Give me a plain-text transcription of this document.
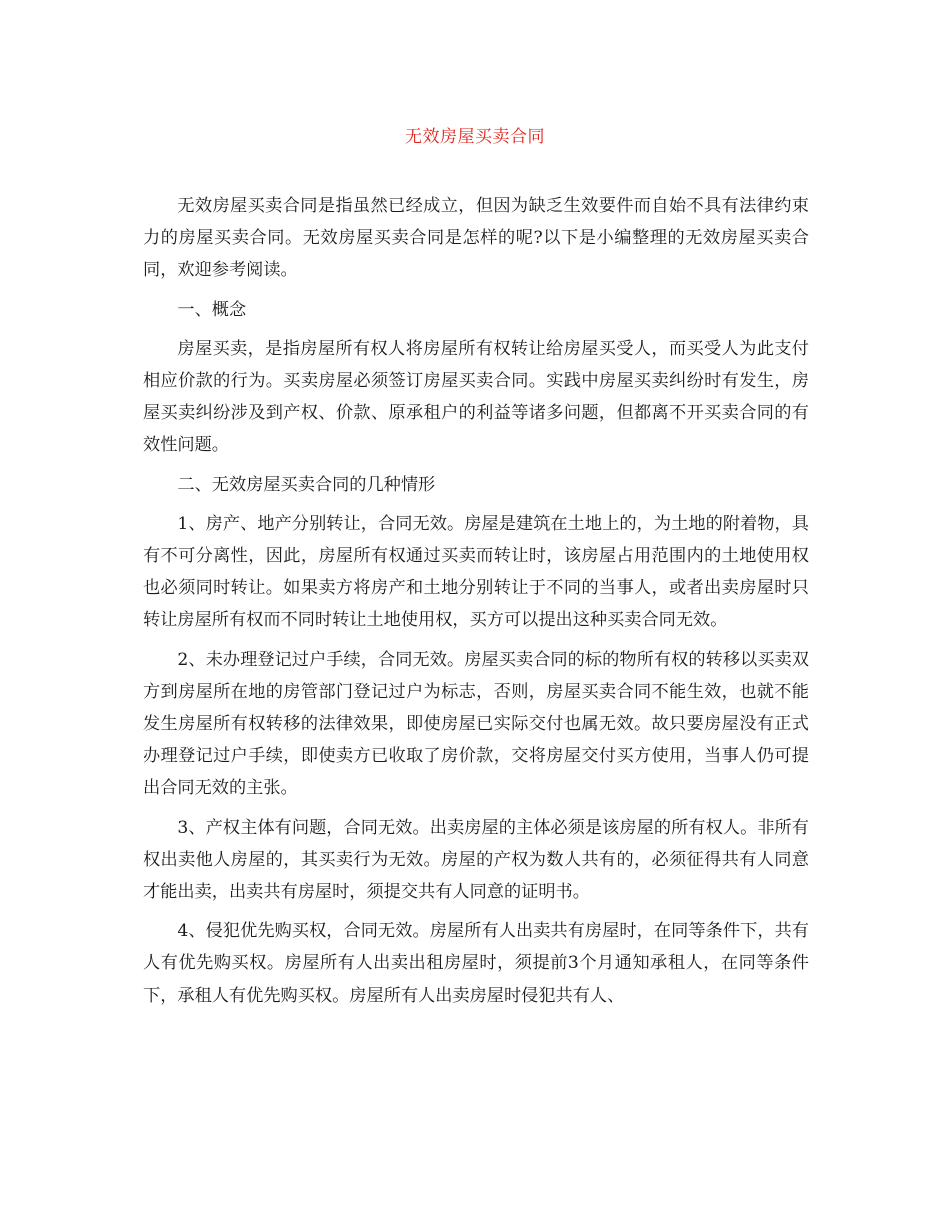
无效房屋买卖合同

无效房屋买卖合同是指虽然已经成立，但因为缺乏生效要件而自始不具有法律约束力的房屋买卖合同。无效房屋买卖合同是怎样的呢?以下是小编整理的无效房屋买卖合同，欢迎参考阅读。

一、概念

房屋买卖，是指房屋所有权人将房屋所有权转让给房屋买受人，而买受人为此支付相应价款的行为。买卖房屋必须签订房屋买卖合同。实践中房屋买卖纠纷时有发生，房屋买卖纠纷涉及到产权、价款、原承租户的利益等诸多问题，但都离不开买卖合同的有效性问题。

二、无效房屋买卖合同的几种情形

1、房产、地产分别转让，合同无效。房屋是建筑在土地上的，为土地的附着物，具有不可分离性，因此，房屋所有权通过买卖而转让时，该房屋占用范围内的土地使用权也必须同时转让。如果卖方将房产和土地分别转让于不同的当事人，或者出卖房屋时只转让房屋所有权而不同时转让土地使用权，买方可以提出这种买卖合同无效。

2、未办理登记过户手续，合同无效。房屋买卖合同的标的物所有权的转移以买卖双方到房屋所在地的房管部门登记过户为标志，否则，房屋买卖合同不能生效，也就不能发生房屋所有权转移的法律效果，即使房屋已实际交付也属无效。故只要房屋没有正式办理登记过户手续，即使卖方已收取了房价款，交将房屋交付买方使用，当事人仍可提出合同无效的主张。

3、产权主体有问题，合同无效。出卖房屋的主体必须是该房屋的所有权人。非所有权出卖他人房屋的，其买卖行为无效。房屋的产权为数人共有的，必须征得共有人同意才能出卖，出卖共有房屋时，须提交共有人同意的证明书。

4、侵犯优先购买权，合同无效。房屋所有人出卖共有房屋时，在同等条件下，共有人有优先购买权。房屋所有人出卖出租房屋时，须提前3个月通知承租人，在同等条件下，承租人有优先购买权。房屋所有人出卖房屋时侵犯共有人、
